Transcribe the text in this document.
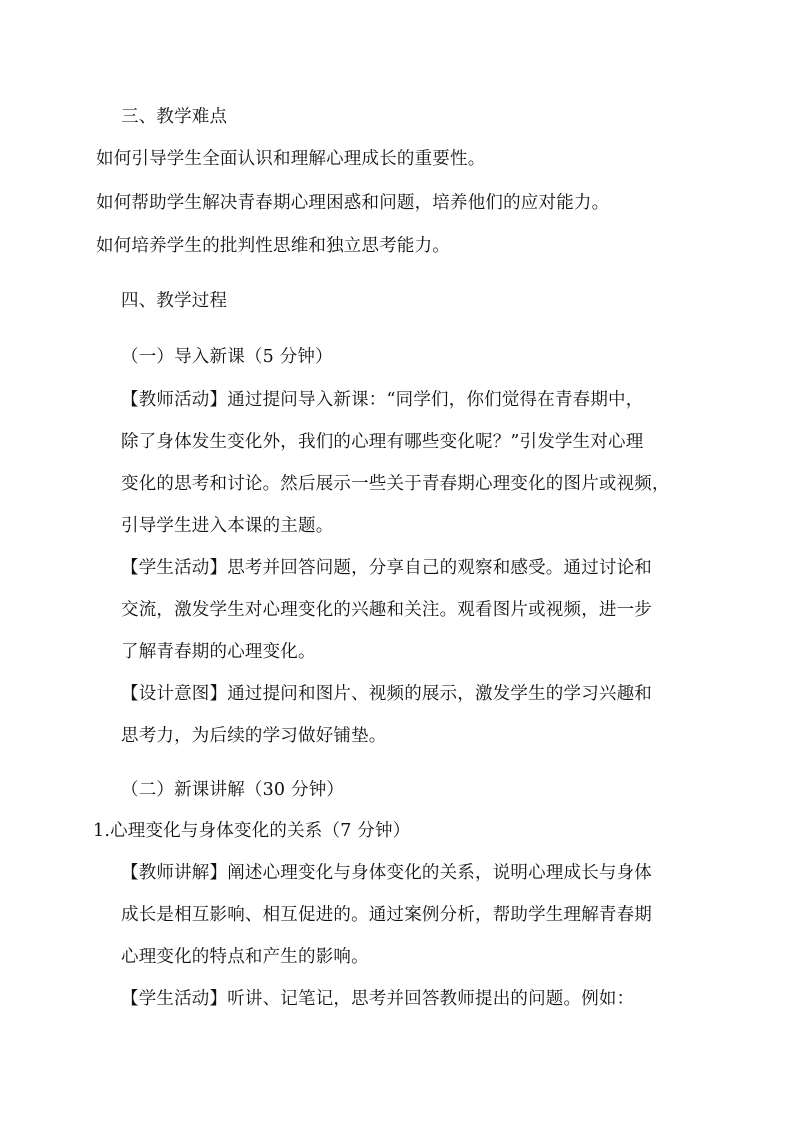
三、教学难点
如何引导学生全面认识和理解心理成长的重要性。
如何帮助学生解决青春期心理困惑和问题，培养他们的应对能力。
如何培养学生的批判性思维和独立思考能力。
四、教学过程
（一）导入新课（5 分钟）
【教师活动】通过提问导入新课：“同学们，你们觉得在青春期中，
除了身体发生变化外，我们的心理有哪些变化呢？”引发学生对心理
变化的思考和讨论。然后展示一些关于青春期心理变化的图片或视频，
引导学生进入本课的主题。
【学生活动】思考并回答问题，分享自己的观察和感受。通过讨论和
交流，激发学生对心理变化的兴趣和关注。观看图片或视频，进一步
了解青春期的心理变化。
【设计意图】通过提问和图片、视频的展示，激发学生的学习兴趣和
思考力，为后续的学习做好铺垫。
（二）新课讲解（30 分钟）
1.心理变化与身体变化的关系（7 分钟）
【教师讲解】阐述心理变化与身体变化的关系，说明心理成长与身体
成长是相互影响、相互促进的。通过案例分析，帮助学生理解青春期
心理变化的特点和产生的影响。
【学生活动】听讲、记笔记，思考并回答教师提出的问题。例如：
